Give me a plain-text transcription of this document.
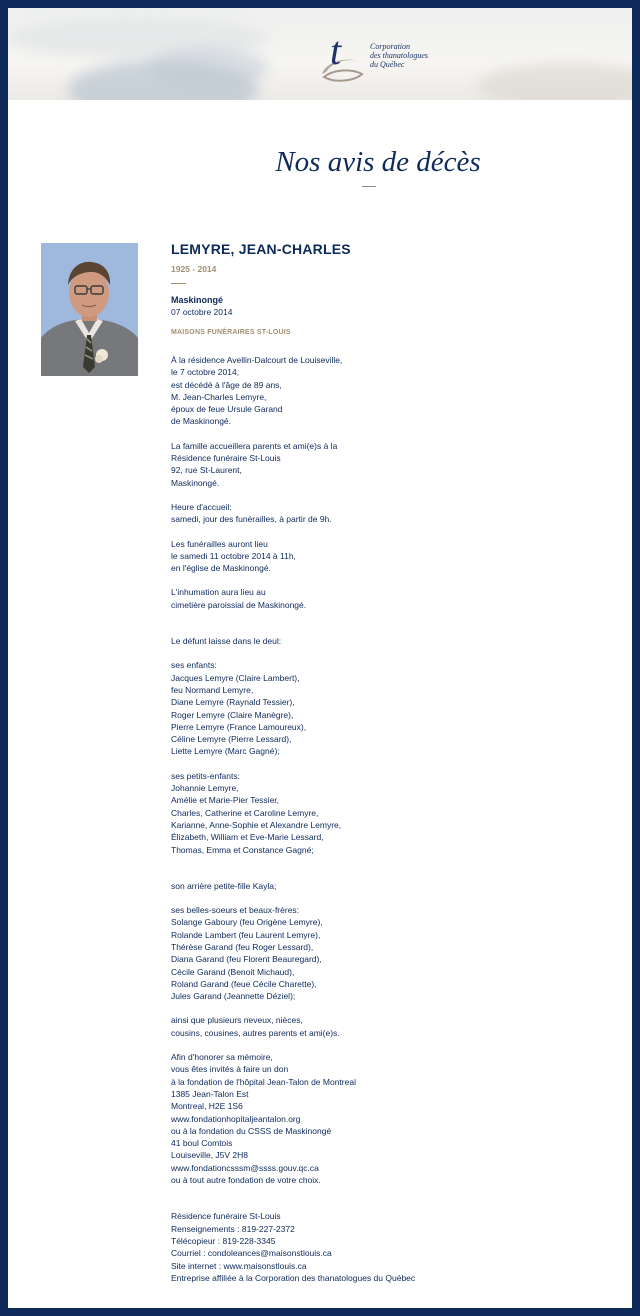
t	Corporation
des thanatologues
du Québec
Nos avis de décès
LEMYRE, JEAN-CHARLES
1925 - 2014
Maskinongé
07 octobre 2014
MAISONS FUNÉRAIRES ST-LOUIS

À la résidence Avellin-Dalcourt de Louiseville,
le 7 octobre 2014,
est décédé à l'âge de 89 ans,
M. Jean-Charles Lemyre,
époux de feue Ursule Garand
de Maskinongé.

La famille accueillera parents et ami(e)s à la
Résidence funéraire St-Louis
92, rue St-Laurent,
Maskinongé.

Heure d'accueil:
samedi, jour des funérailles, à partir de 9h.

Les funérailles auront lieu
le samedi 11 octobre 2014 à 11h,
en l'église de Maskinongé.

L'inhumation aura lieu au
cimetière paroissial de Maskinongé.

Le défunt laisse dans le deul:

ses enfants:
Jacques Lemyre (Claire Lambert),
feu Normand Lemyre,
Diane Lemyre (Raynald Tessier),
Roger Lemyre (Claire Manègre),
Pierre Lemyre (France Lamoureux),
Céline Lemyre (Pierre Lessard),
Liette Lemyre (Marc Gagné);

ses petits-enfants:
Johannie Lemyre,
Amélie et Marie-Pier Tessier,
Charles, Catherine et Caroline Lemyre,
Karianne, Anne-Sophie et Alexandre Lemyre,
Élizabeth, William et Eve-Marie Lessard,
Thomas, Emma et Constance Gagné;

son arrière petite-fille Kayla;

ses belles-soeurs et beaux-frères:
Solange Gaboury (feu Origène Lemyre),
Rolande Lambert (feu Laurent Lemyre),
Thérèse Garand (feu Roger Lessard),
Diana Garand (feu Florent Beauregard),
Cécile Garand (Benoit Michaud),
Roland Garand (feue Cécile Charette),
Jules Garand (Jeannette Déziel);

ainsi que plusieurs neveux, nièces,
cousins, cousines, autres parents et ami(e)s.

Afin d'honorer sa mémoire,
vous êtes invités à faire un don
à la fondation de l'hôpital Jean-Talon de Montreal
1385 Jean-Talon Est
Montreal, H2E 1S6
www.fondationhopitaljeantalon.org
ou à la fondation du CSSS de Maskinongé
41 boul Comtois
Louiseville, J5V 2H8
www.fondationcsssm@ssss.gouv.qc.ca
ou à tout autre fondation de votre choix.

Résidence funéraire St-Louis
Renseignements : 819-227-2372
Télécopieur : 819-228-3345
Courriel : condoleances@maisonstlouis.ca
Site internet : www.maisonstlouis.ca
Entreprise affiliée à la Corporation des thanatologues du Québec
